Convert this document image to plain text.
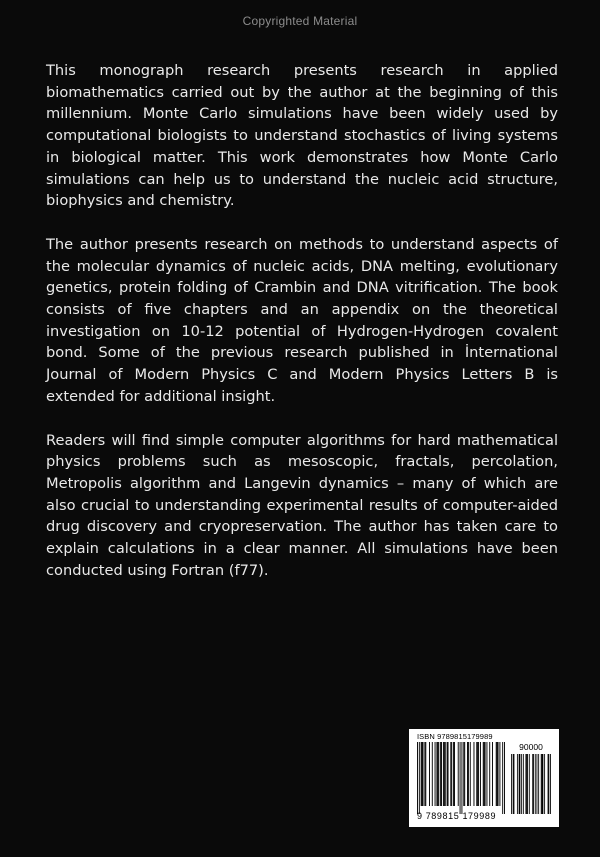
Copyrighted Material

This monograph research presents research in applied biomathematics carried out by the author at the beginning of this millennium. Monte Carlo simulations have been widely used by computational biologists to understand stochastics of living systems in biological matter. This work demonstrates how Monte Carlo simulations can help us to understand the nucleic acid structure, biophysics and chemistry.

The author presents research on methods to understand aspects of the molecular dynamics of nucleic acids, DNA melting, evolutionary genetics, protein folding of Crambin and DNA vitrification. The book consists of five chapters and an appendix on the theoretical investigation on 10-12 potential of Hydrogen-Hydrogen covalent bond. Some of the previous research published in İnternational Journal of Modern Physics C and Modern Physics Letters B is extended for additional insight.

Readers will find simple computer algorithms for hard mathematical physics problems such as mesoscopic, fractals, percolation, Metropolis algorithm and Langevin dynamics – many of which are also crucial to understanding experimental results of computer-aided drug discovery and cryopreservation. The author has taken care to explain calculations in a clear manner. All simulations have been conducted using Fortran (f77).

ISBN 9789815179989
90000
9 789815 179989
